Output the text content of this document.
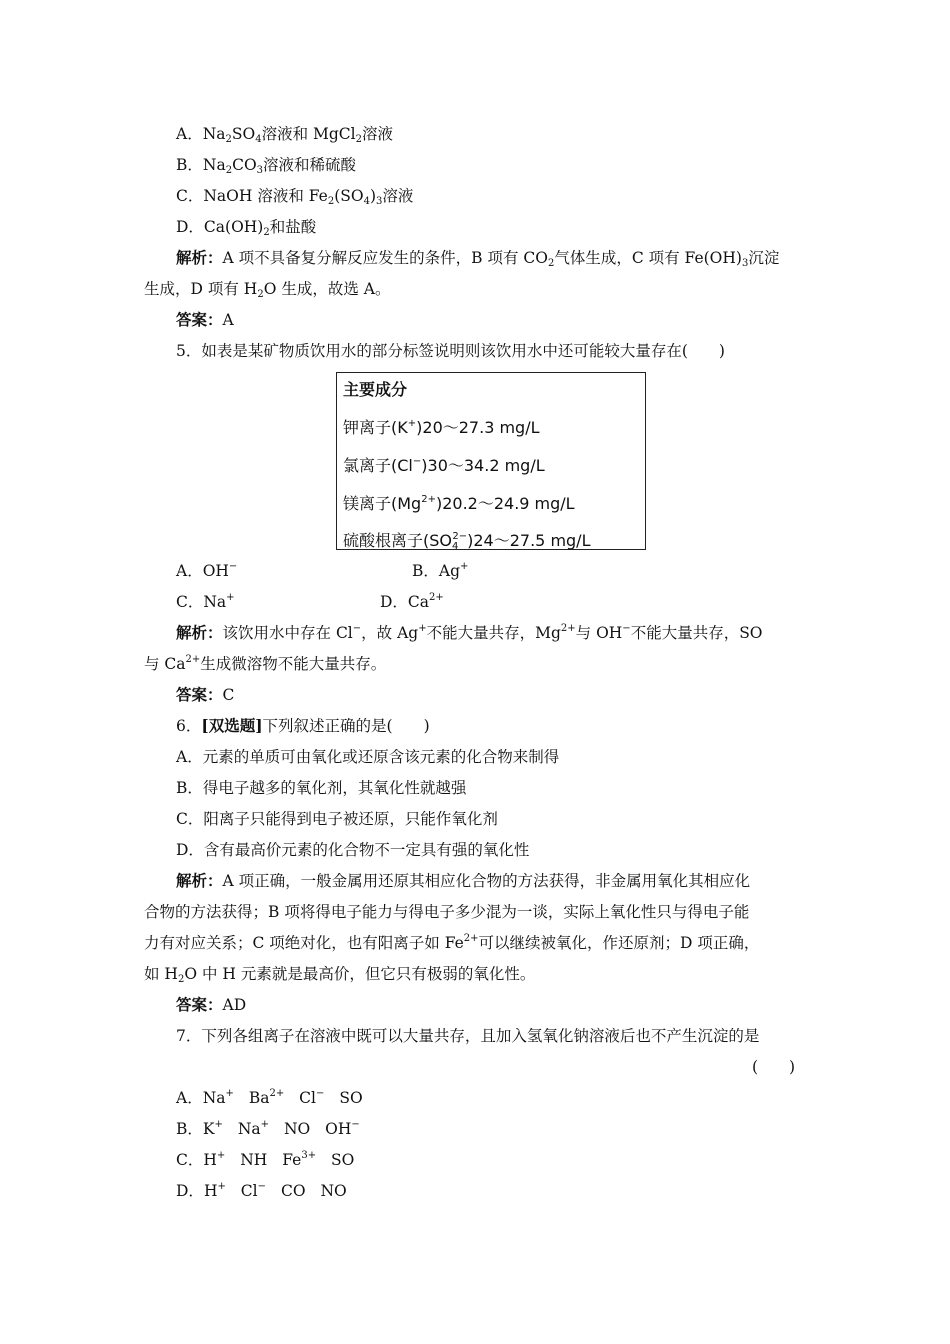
A．$Na_2SO_4$溶液和 MgCl$_2$溶液
B．$Na_2CO_3$溶液和稀硫酸
C．NaOH 溶液和 $Fe_2(SO_4)_3$溶液
D．$Ca(OH)_2$和盐酸
解析：A 项不具备复分解反应发生的条件，B 项有 $CO_2$气体生成，C 项有 $Fe(OH)_3$沉淀
生成，D 项有 $H_2O$ 生成，故选 A。
答案：A
5．如表是某矿物质饮用水的部分标签说明则该饮用水中还可能较大量存在(　　)
主要成分
钾离子(K+)20～27.3 mg/L
氯离子(Cl−)30～34.2 mg/L
镁离子$(Mg^{2+})20.2\sim 24.9$ mg/L
硫酸根离子$(SO_4^{2-})24\sim 27.5$ mg/L
A．OH−	B．Ag+
C．Na+	D．$Ca^{2+}$
解析：该饮用水中存在 Cl−，故 Ag+不能大量共存，$Mg^{2+}$与 OH−不能大量共存，SO
与 $Ca^{2+}$生成微溶物不能大量共存。
答案：C
6．[双选题]下列叙述正确的是(　　)
A．元素的单质可由氧化或还原含该元素的化合物来制得
B．得电子越多的氧化剂，其氧化性就越强
C．阳离子只能得到电子被还原，只能作氧化剂
D．含有最高价元素的化合物不一定具有强的氧化性
解析：A 项正确，一般金属用还原其相应化合物的方法获得，非金属用氧化其相应化
合物的方法获得；B 项将得电子能力与得电子多少混为一谈，实际上氧化性只与得电子能
力有对应关系；C 项绝对化，也有阳离子如 $Fe^{2+}$可以继续被氧化，作还原剂；D 项正确，
如 $H_2O$ 中 H 元素就是最高价，但它只有极弱的氧化性。
答案：AD
7．下列各组离子在溶液中既可以大量共存，且加入氢氧化钠溶液后也不产生沉淀的是
(　　)
A．Na+ $Ba^{2+}$ Cl− SO
B．K+ Na+ NO OH−
C．H+ NH $Fe^{3+}$ SO
D．H+ Cl− CO NO
